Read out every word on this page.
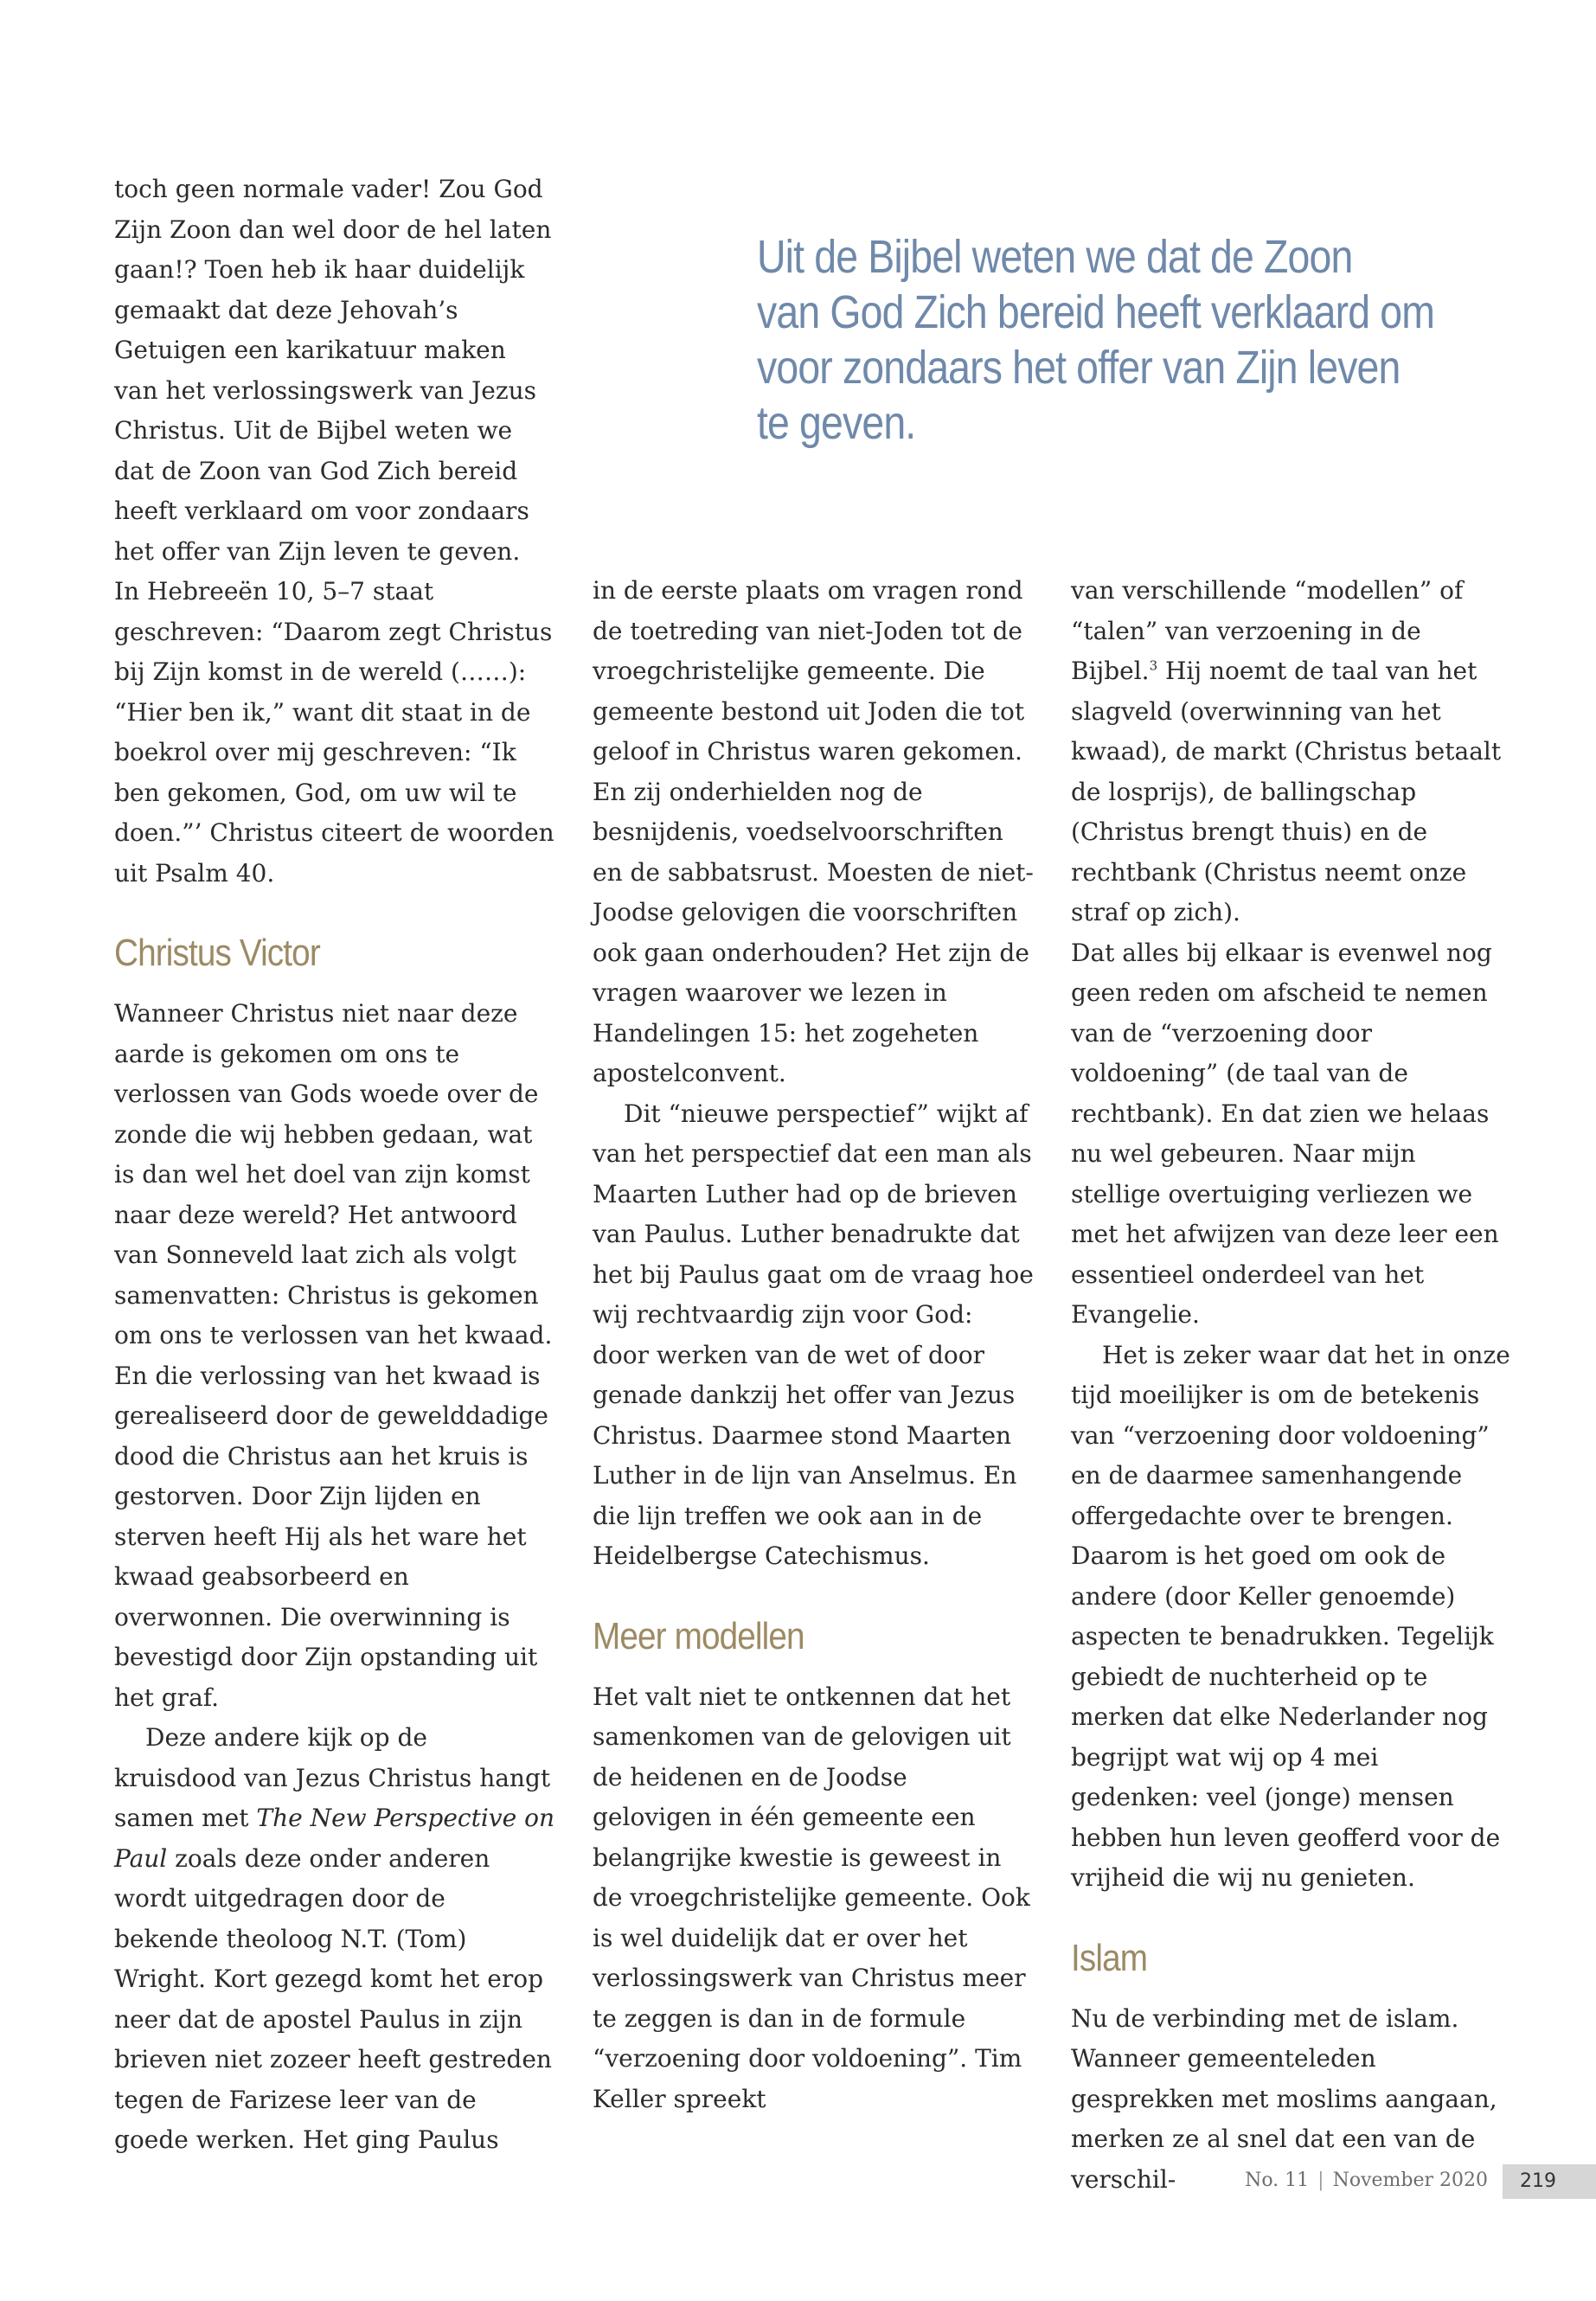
Uit de Bijbel weten we dat de Zoon
van God Zich bereid heeft verklaard om
voor zondaars het offer van Zijn leven
te geven.

toch geen normale vader! Zou God Zijn Zoon dan wel door de hel laten gaan!? Toen heb ik haar duidelijk gemaakt dat deze Jehovah’s Getuigen een karikatuur maken van het verlossingswerk van Jezus Christus. Uit de Bijbel weten we dat de Zoon van God Zich bereid heeft verklaard om voor zondaars het offer van Zijn leven te geven.

In Hebreeën 10, 5–7 staat geschreven: “Daarom zegt Christus bij Zijn komst in de wereld (……): “Hier ben ik,” want dit staat in de boekrol over mij geschreven: “Ik ben gekomen, God, om uw wil te doen.”’ Christus citeert de woorden uit Psalm 40.

Christus Victor

Wanneer Christus niet naar deze aarde is gekomen om ons te verlossen van Gods woede over de zonde die wij hebben gedaan, wat is dan wel het doel van zijn komst naar deze wereld? Het antwoord van Sonneveld laat zich als volgt samenvatten: Christus is gekomen om ons te verlossen van het kwaad. En die verlossing van het kwaad is gerealiseerd door de gewelddadige dood die Christus aan het kruis is gestorven. Door Zijn lijden en sterven heeft Hij als het ware het kwaad geabsorbeerd en overwonnen. Die overwinning is bevestigd door Zijn opstanding uit het graf.

Deze andere kijk op de kruisdood van Jezus Christus hangt samen met The New Perspective on Paul zoals deze onder anderen wordt uitgedragen door de bekende theoloog N.T. (Tom) Wright. Kort gezegd komt het erop neer dat de apostel Paulus in zijn brieven niet zozeer heeft gestreden tegen de Farizese leer van de goede werken. Het ging Paulus

in de eerste plaats om vragen rond de toetreding van niet-Joden tot de vroegchristelijke gemeente. Die gemeente bestond uit Joden die tot geloof in Christus waren gekomen. En zij onderhielden nog de besnijdenis, voedselvoorschriften en de sabbatsrust. Moesten de niet-Joodse gelovigen die voorschriften ook gaan onderhouden? Het zijn de vragen waarover we lezen in Handelingen 15: het zogeheten apostelconvent.

Dit “nieuwe perspectief” wijkt af van het perspectief dat een man als Maarten Luther had op de brieven van Paulus. Luther benadrukte dat het bij Paulus gaat om de vraag hoe wij rechtvaardig zijn voor God: door werken van de wet of door genade dankzij het offer van Jezus Christus. Daarmee stond Maarten Luther in de lijn van Anselmus. En die lijn treffen we ook aan in de Heidelbergse Catechismus.

Meer modellen

Het valt niet te ontkennen dat het samenkomen van de gelovigen uit de heidenen en de Joodse gelovigen in één gemeente een belangrijke kwestie is geweest in de vroegchristelijke gemeente. Ook is wel duidelijk dat er over het verlossingswerk van Christus meer te zeggen is dan in de formule “verzoening door voldoening”. Tim Keller spreekt

van verschillende “modellen” of “talen” van verzoening in de Bijbel.$^3$ Hij noemt de taal van het slagveld (overwinning van het kwaad), de markt (Christus betaalt de losprijs), de ballingschap (Christus brengt thuis) en de rechtbank (Christus neemt onze straf op zich).

Dat alles bij elkaar is evenwel nog geen reden om afscheid te nemen van de “verzoening door voldoening” (de taal van de rechtbank). En dat zien we helaas nu wel gebeuren. Naar mijn stellige overtuiging verliezen we met het afwijzen van deze leer een essentieel onderdeel van het Evangelie.

Het is zeker waar dat het in onze tijd moeilijker is om de betekenis van “verzoening door voldoening” en de daarmee samenhangende offergedachte over te brengen. Daarom is het goed om ook de andere (door Keller genoemde) aspecten te benadrukken. Tegelijk gebiedt de nuchterheid op te merken dat elke Nederlander nog begrijpt wat wij op 4 mei gedenken: veel (jonge) mensen hebben hun leven geofferd voor de vrijheid die wij nu genieten.

Islam

Nu de verbinding met de islam. Wanneer gemeenteleden gesprekken met moslims aangaan, merken ze al snel dat een van de verschil-	No. 11 | November 2020	219
